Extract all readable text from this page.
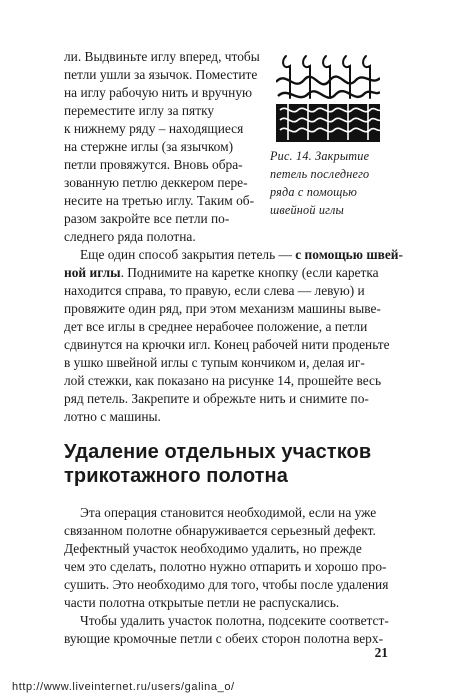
ли. Выдвиньте иглу вперед, чтобы
петли ушли за язычок. Поместите
на иглу рабочую нить и вручную
переместите иглу за пятку
к нижнему ряду – находящиеся
на стержне иглы (за язычком)
петли провяжутся. Вновь обра-
зованную петлю деккером пере-
несите на третью иглу. Таким об-
разом закройте все петли по-
следнего ряда полотна.
Рис. 14. Закрытие
петель последнего
ряда с помощью
швейной иглы
Еще один способ закрытия петель — с помощью швей-
ной иглы. Поднимите на каретке кнопку (если каретка
находится справа, то правую, если слева — левую) и
провяжите один ряд, при этом механизм машины выве-
дет все иглы в среднее нерабочее положение, а петли
сдвинутся на крючки игл. Конец рабочей нити проденьте
в ушко швейной иглы с тупым кончиком и, делая иг-
лой стежки, как показано на рисунке 14, прошейте весь
ряд петель. Закрепите и обрежьте нить и снимите по-
лотно с машины.
Удаление отдельных участков
трикотажного полотна
Эта операция становится необходимой, если на уже
связанном полотне обнаруживается серьезный дефект.
Дефектный участок необходимо удалить, но прежде
чем это сделать, полотно нужно отпарить и хорошо про-
сушить. Это необходимо для того, чтобы после удаления
части полотна открытые петли не распускались.
Чтобы удалить участок полотна, подсеките соответст-
вующие кромочные петли с обеих сторон полотна верх-
21
http://www.liveinternet.ru/users/galina_o/
